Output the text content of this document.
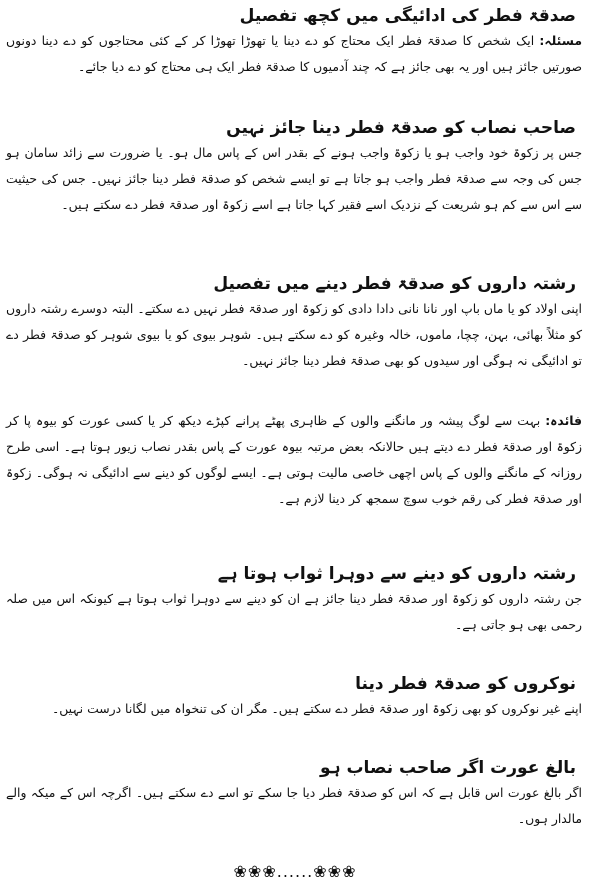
صدقۃ فطر کی ادائیگی میں کچھ تفصیل

مسئلہ: ایک شخص کا صدقۃ فطر ایک محتاج کو دے دینا یا تھوڑا تھوڑا کر کے کئی محتاجوں کو دے دینا دونوں صورتیں جائز ہیں اور یہ بھی جائز ہے کہ چند آدمیوں کا صدقۃ فطر ایک ہی محتاج کو دے دیا جائے۔

صاحب نصاب کو صدقۃ فطر دینا جائز نہیں

جس پر زکوۃ خود واجب ہو یا زکوۃ واجب ہونے کے بقدر اس کے پاس مال ہو۔ یا ضرورت سے زائد سامان ہو جس کی وجہ سے صدقۃ فطر واجب ہو جاتا ہے تو ایسے شخص کو صدقۃ فطر دینا جائز نہیں۔ جس کی حیثیت سے اس سے کم ہو شریعت کے نزدیک اسے فقیر کہا جاتا ہے اسے زکوۃ اور صدقۃ فطر دے سکتے ہیں۔

رشتہ داروں کو صدقۃ فطر دینے میں تفصیل

اپنی اولاد کو یا ماں باپ اور نانا نانی دادا دادی کو زکوۃ اور صدقۃ فطر نہیں دے سکتے۔ البتہ دوسرے رشتہ داروں کو مثلاً بھائی، بہن، چچا، ماموں، خالہ وغیرہ کو دے سکتے ہیں۔ شوہر بیوی کو یا بیوی شوہر کو صدقۃ فطر دے تو ادائیگی نہ ہوگی اور سیدوں کو بھی صدقۃ فطر دینا جائز نہیں۔

فائدہ: بہت سے لوگ پیشہ ور مانگنے والوں کے ظاہری پھٹے پرانے کپڑے دیکھ کر یا کسی عورت کو بیوہ پا کر زکوۃ اور صدقۃ فطر دے دیتے ہیں حالانکہ بعض مرتبہ بیوہ عورت کے پاس بقدر نصاب زیور ہوتا ہے۔ اسی طرح روزانہ کے مانگنے والوں کے پاس اچھی خاصی مالیت ہوتی ہے۔ ایسے لوگوں کو دینے سے ادائیگی نہ ہوگی۔ زکوۃ اور صدقۃ فطر کی رقم خوب سوچ سمجھ کر دینا لازم ہے۔

رشتہ داروں کو دینے سے دوہرا ثواب ہوتا ہے

جن رشتہ داروں کو زکوۃ اور صدقۃ فطر دینا جائز ہے ان کو دینے سے دوہرا ثواب ہوتا ہے کیونکہ اس میں صلہ رحمی بھی ہو جاتی ہے۔

نوکروں کو صدقۃ فطر دینا

اپنے غیر نوکروں کو بھی زکوۃ اور صدقۃ فطر دے سکتے ہیں۔ مگر ان کی تنخواہ میں لگانا درست نہیں۔

بالغ عورت اگر صاحب نصاب ہو

اگر بالغ عورت اس قابل ہے کہ اس کو صدقۃ فطر دیا جا سکے تو اسے دے سکتے ہیں۔ اگرچہ اس کے میکہ والے مالدار ہوں۔

❀❀❀......❀❀❀
